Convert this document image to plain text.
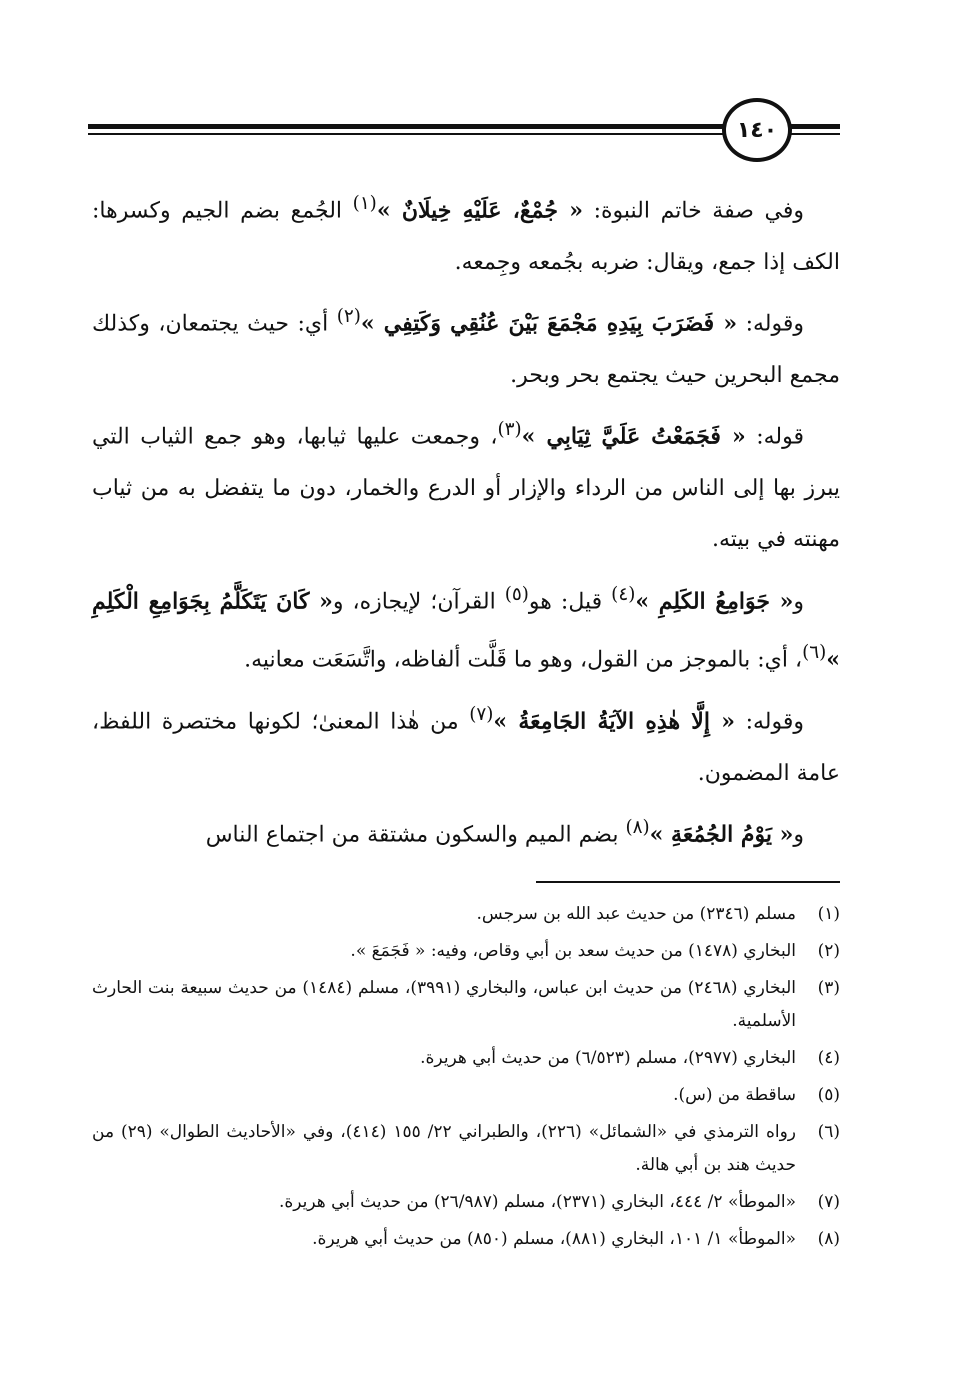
١٤٠

وفي صفة خاتم النبوة: « جُمْعٌ، عَلَيْهِ خِيلَانٌ »$^{(١)}$ الجُمع بضم الجيم وكسرها: الكف إذا جمع، ويقال: ضربه بجُمعه وجِمعه.

وقوله: « فَضَرَبَ بِيَدِهِ مَجْمَعَ بَيْنَ عُنُقِي وَكَتِفِي »$^{(٢)}$ أي: حيث يجتمعان، وكذلك مجمع البحرين حيث يجتمع بحر وبحر.

قوله: « فَجَمَعْتُ عَلَيَّ ثِيَابِي »$^{(٣)}$، وجمعت عليها ثيابها، وهو جمع الثياب التي يبرز بها إلى الناس من الرداء والإزار أو الدرع والخمار، دون ما يتفضل به من ثياب مهنته في بيته.

و« جَوَامِعُ الكَلِمِ »$^{(٤)}$ قيل: هو$^{(٥)}$ القرآن؛ لإيجازه، و« كَانَ يَتَكَلَّمُ بِجَوَامِعِ الْكَلِمِ »$^{(٦)}$، أي: بالموجز من القول، وهو ما قَلَّت ألفاظه، واتَّسَعَت معانيه.

وقوله: « إِلَّا هٰذِهِ الآيَةُ الجَامِعَةُ »$^{(٧)}$ من هٰذا المعنىٰ؛ لكونها مختصرة اللفظ، عامة المضمون.

و« يَوْمُ الجُمُعَةِ »$^{(٨)}$ بضم الميم والسكون مشتقة من اجتماع الناس

(١)
مسلم (٢٣٤٦) من حديث عبد الله بن سرجس.
(٢)
البخاري (١٤٧٨) من حديث سعد بن أبي وقاص، وفيه: « فَجَمَعَ ».
(٣)
البخاري (٢٤٦٨) من حديث ابن عباس، والبخاري (٣٩٩١)، مسلم (١٤٨٤) من حديث سبيعة بنت الحارث الأسلمية.
(٤)
البخاري (٢٩٧٧)، مسلم (٦/٥٢٣) من حديث أبي هريرة.
(٥)
ساقطة من (س).
(٦)
رواه الترمذي في «الشمائل» (٢٢٦)، والطبراني ٢٢/ ١٥٥ (٤١٤)، وفي «الأحاديث الطوال» (٢٩) من حديث هند بن أبي هالة.
(٧)
«الموطأ» ٢/ ٤٤٤، البخاري (٢٣٧١)، مسلم (٢٦/٩٨٧) من حديث أبي هريرة.
(٨)
«الموطأ» ١/ ١٠١، البخاري (٨٨١)، مسلم (٨٥٠) من حديث أبي هريرة.
